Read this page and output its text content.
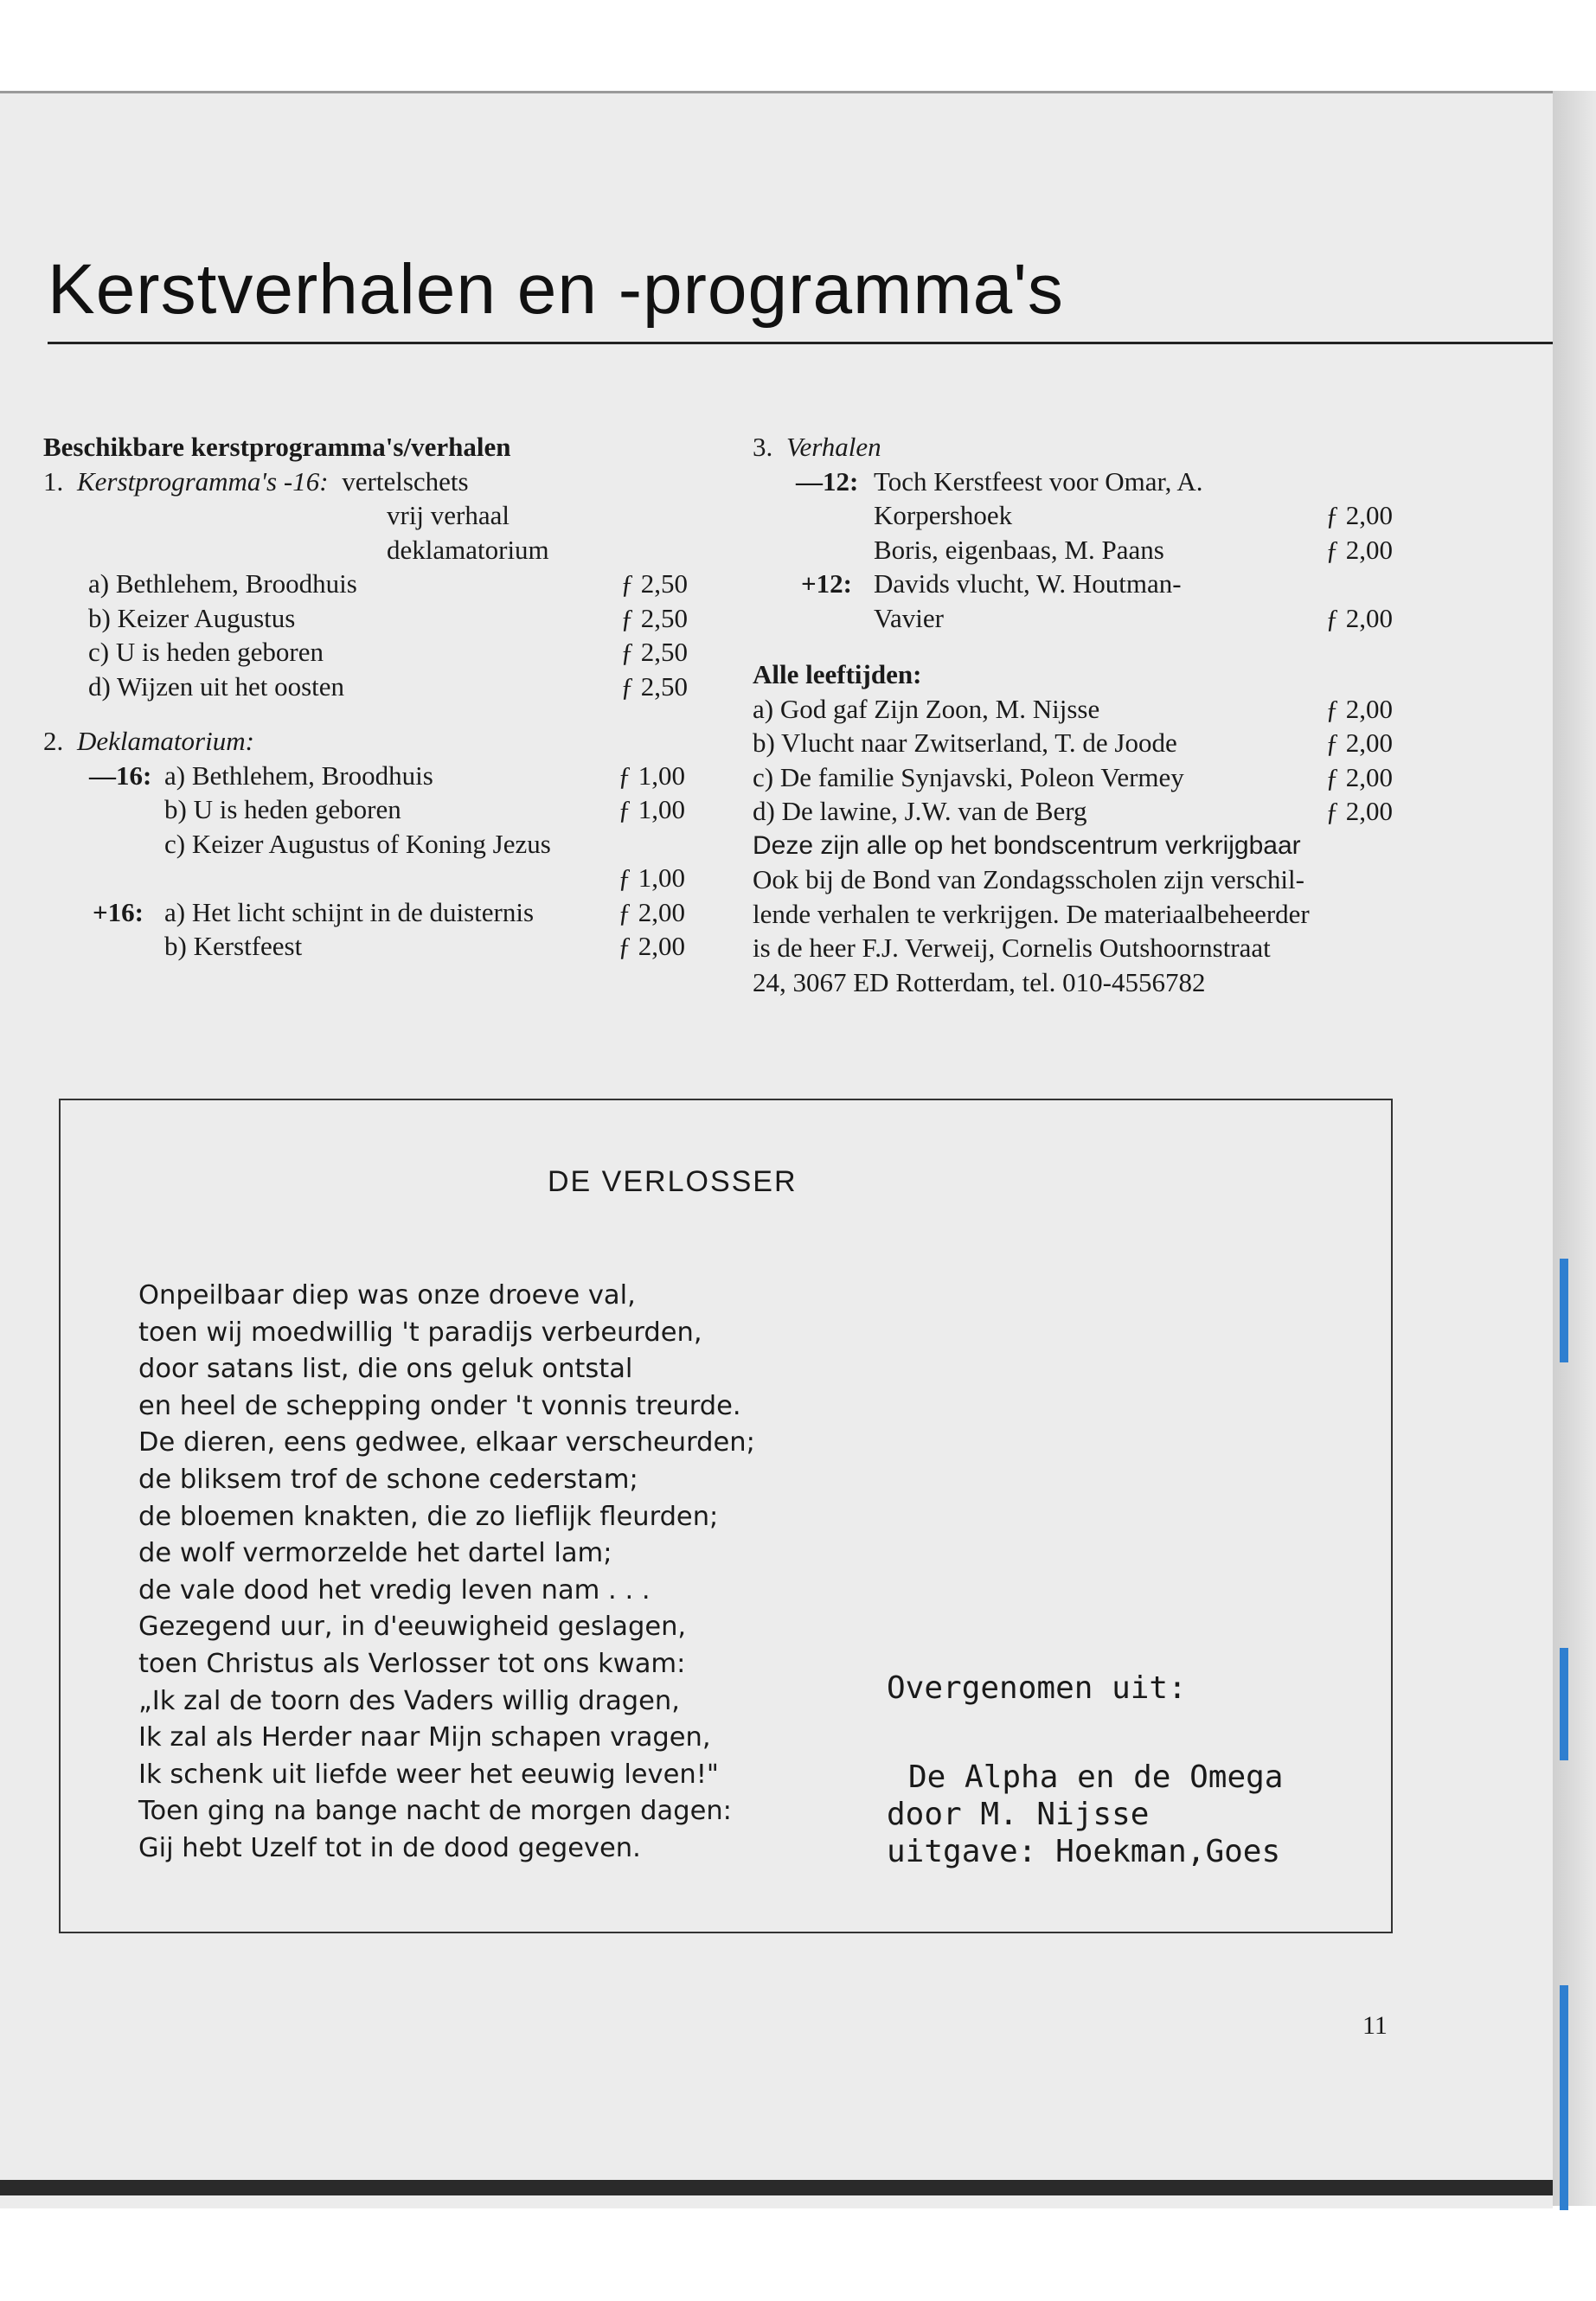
Kerstverhalen en -programma's
Beschikbare kerstprogramma's/verhalen
1. Kerstprogramma's -16: vertelschets
vrij verhaal
deklamatorium
a) Bethlehem, Broodhuis	ƒ 2,50
b) Keizer Augustus	ƒ 2,50
c) U is heden geboren	ƒ 2,50
d) Wijzen uit het oosten	ƒ 2,50
2. Deklamatorium:
—16: a) Bethlehem, Broodhuis	ƒ 1,00
b) U is heden geboren	ƒ 1,00
c) Keizer Augustus of Koning Jezus
ƒ 1,00
+16: a) Het licht schijnt in de duisternis	ƒ 2,00
b) Kerstfeest	ƒ 2,00
3. Verhalen
—12: Toch Kerstfeest voor Omar, A.
Korpershoek	ƒ 2,00
Boris, eigenbaas, M. Paans	ƒ 2,00
+12: Davids vlucht, W. Houtman-
Vavier	ƒ 2,00
Alle leeftijden:
a) God gaf Zijn Zoon, M. Nijsse	ƒ 2,00
b) Vlucht naar Zwitserland, T. de Joode	ƒ 2,00
c) De familie Synjavski, Poleon Vermey	ƒ 2,00
d) De lawine, J.W. van de Berg	ƒ 2,00
Deze zijn alle op het bondscentrum verkrijgbaar
Ook bij de Bond van Zondagsscholen zijn verschil-
lende verhalen te verkrijgen. De materiaalbeheerder
is de heer F.J. Verweij, Cornelis Outshoornstraat
24, 3067 ED Rotterdam, tel. 010-4556782
DE VERLOSSER
Onpeilbaar diep was onze droeve val,
toen wij moedwillig 't paradijs verbeurden,
door satans list, die ons geluk ontstal
en heel de schepping onder 't vonnis treurde.
De dieren, eens gedwee, elkaar verscheurden;
de bliksem trof de schone cederstam;
de bloemen knakten, die zo lieflijk fleurden;
de wolf vermorzelde het dartel lam;
de vale dood het vredig leven nam . . .
Gezegend uur, in d'eeuwigheid geslagen,
toen Christus als Verlosser tot ons kwam:
„Ik zal de toorn des Vaders willig dragen,
Ik zal als Herder naar Mijn schapen vragen,
Ik schenk uit liefde weer het eeuwig leven!"
Toen ging na bange nacht de morgen dagen:
Gij hebt Uzelf tot in de dood gegeven.
Overgenomen uit:
De Alpha en de Omega
door M. Nijsse
uitgave: Hoekman,Goes
11
